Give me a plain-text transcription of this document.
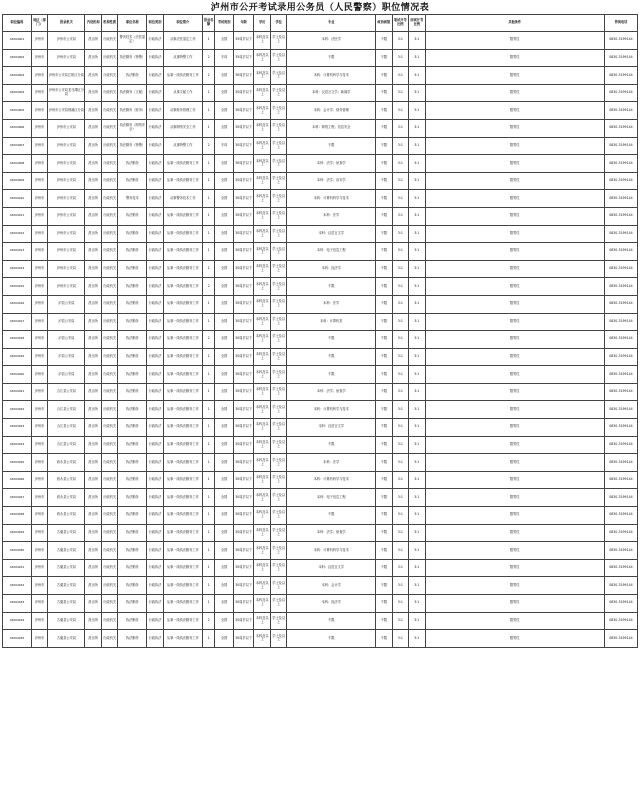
泸州市公开考试录用公务员（人民警察）职位情况表
职位编码	地区（部门）	招录机关	内设机构	机构性质	职位名称	职位类别	职位简介	招录名额	考试类别	年龄	学历	学位	专业	政治面貌	笔试开考比例	面试开考比例	其他条件	咨询电话
43204001	泸州市	泸州市公安局	派出所	行政机关	警务技术（法医鉴定）	行政执法	从事法医鉴定工作	1	全国	35周岁以下	本科及以上	学士及以上	本科：法医学	不限	3:1	3:1	限男性	0830-3199144
43204002	泸州市	泸州市公安局	派出所	行政机关	执法勤务（特警）	行政执法	从事特警工作	2	专项	35周岁以下	本科及以上	学士及以上	不限	不限	3:1	3:1	限男性	0830-3199144
43204003	泸州市	泸州市公安局江阳区分局	派出所	行政机关	执法勤务	行政执法	从事一线执法勤务工作	2	全国	30周岁以下	本科及以上	学士及以上	本科：计算机科学与技术	不限	3:1	3:1	限男性	0830-3199144
43204004	泸州市	泸州市公安局龙马潭区分局	派出所	行政机关	执法勤务（文秘）	行政执法	从事文秘工作	1	全国	30周岁以下	本科及以上	学士及以上	本科：汉语言文学；新闻学	不限	3:1	3:1	限男性	0830-3199144
43204005	泸州市	泸州市公安局纳溪区分局	派出所	行政机关	执法勤务（财务）	行政执法	从事财务管理工作	1	全国	30周岁以下	本科及以上	学士及以上	本科：会计学；财务管理	不限	3:1	3:1	限男性	0830-3199144
43204006	泸州市	泸州市公安局	派出所	行政机关	执法勤务（网络安全）	行政执法	从事网络安全工作	1	全国	30周岁以下	本科及以上	学士及以上	本科：网络工程；信息安全	不限	3:1	3:1	限男性	0830-3199144
43204007	泸州市	泸州市公安局	派出所	行政机关	执法勤务（特警）	行政执法	从事特警工作	2	专项	30周岁以下	本科及以上	学士及以上	不限	不限	3:1	3:1	限男性	0830-3199144
43204008	泸州市	泸州市公安局	派出所	行政机关	执法勤务	行政执法	从事一线执法勤务工作	1	全国	30周岁以下	本科及以上	学士及以上	本科：法学；侦查学	不限	3:1	3:1	限男性	0830-3199144
43204009	泸州市	泸州市公安局	派出所	行政机关	执法勤务	行政执法	从事一线执法勤务工作	1	全国	30周岁以下	本科及以上	学士及以上	本科：法学；治安学	不限	3:1	3:1	限男性	0830-3199144
43204010	泸州市	泸州市公安局	派出所	行政机关	警务技术	行政执法	从事警务技术工作	1	全国	30周岁以下	本科及以上	学士及以上	本科：计算机科学与技术	不限	3:1	3:1	限男性	0830-3199144
43204011	泸州市	泸州市公安局	派出所	行政机关	执法勤务	行政执法	从事一线执法勤务工作	1	全国	30周岁以下	本科及以上	学士及以上	本科：法学	不限	3:1	3:1	限男性	0830-3199144
43204012	泸州市	泸州市公安局	派出所	行政机关	执法勤务	行政执法	从事一线执法勤务工作	1	全国	30周岁以下	本科及以上	学士及以上	本科：汉语言文学	不限	3:1	3:1	限男性	0830-3199144
43204013	泸州市	泸州市公安局	派出所	行政机关	执法勤务	行政执法	从事一线执法勤务工作	1	全国	30周岁以下	本科及以上	学士及以上	本科：电子信息工程	不限	3:1	3:1	限男性	0830-3199144
43204014	泸州市	泸州市公安局	派出所	行政机关	执法勤务	行政执法	从事一线执法勤务工作	1	全国	30周岁以下	本科及以上	学士及以上	本科：经济学	不限	3:1	3:1	限男性	0830-3199144
43204015	泸州市	泸州市公安局	派出所	行政机关	执法勤务	行政执法	从事一线执法勤务工作	2	全国	30周岁以下	本科及以上	学士及以上	不限	不限	3:1	3:1	限男性	0830-3199144
43204016	泸州市	泸县公安局	派出所	行政机关	执法勤务	行政执法	从事一线执法勤务工作	1	全国	30周岁以下	本科及以上	学士及以上	本科：法学	不限	3:1	3:1	限男性	0830-3199144
43204017	泸州市	泸县公安局	派出所	行政机关	执法勤务	行政执法	从事一线执法勤务工作	1	全国	30周岁以下	本科及以上	学士及以上	本科：计算机类	不限	3:1	3:1	限男性	0830-3199144
43204018	泸州市	泸县公安局	派出所	行政机关	执法勤务	行政执法	从事一线执法勤务工作	2	全国	30周岁以下	本科及以上	学士及以上	不限	不限	3:1	3:1	限男性	0830-3199144
43204019	泸州市	泸县公安局	派出所	行政机关	执法勤务	行政执法	从事一线执法勤务工作	1	全国	30周岁以下	本科及以上	学士及以上	不限	不限	3:1	3:1	限男性	0830-3199144
43204020	泸州市	泸县公安局	派出所	行政机关	执法勤务	行政执法	从事一线执法勤务工作	1	全国	30周岁以下	本科及以上	学士及以上	不限	不限	3:1	3:1	限男性	0830-3199144
43204021	泸州市	合江县公安局	派出所	行政机关	执法勤务	行政执法	从事一线执法勤务工作	1	全国	30周岁以下	本科及以上	学士及以上	本科：法学；侦查学	不限	3:1	3:1	限男性	0830-3199144
43204022	泸州市	合江县公安局	派出所	行政机关	执法勤务	行政执法	从事一线执法勤务工作	1	全国	30周岁以下	本科及以上	学士及以上	本科：计算机科学与技术	不限	3:1	3:1	限男性	0830-3199144
43204023	泸州市	合江县公安局	派出所	行政机关	执法勤务	行政执法	从事一线执法勤务工作	1	全国	30周岁以下	本科及以上	学士及以上	本科：汉语言文学	不限	3:1	3:1	限男性	0830-3199144
43204024	泸州市	合江县公安局	派出所	行政机关	执法勤务	行政执法	从事一线执法勤务工作	1	全国	30周岁以下	本科及以上	学士及以上	不限	不限	3:1	3:1	限男性	0830-3199144
43204025	泸州市	叙永县公安局	派出所	行政机关	执法勤务	行政执法	从事一线执法勤务工作	1	全国	30周岁以下	本科及以上	学士及以上	本科：法学	不限	3:1	3:1	限男性	0830-3199144
43204026	泸州市	叙永县公安局	派出所	行政机关	执法勤务	行政执法	从事一线执法勤务工作	1	全国	30周岁以下	本科及以上	学士及以上	本科：计算机科学与技术	不限	3:1	3:1	限男性	0830-3199144
43204027	泸州市	叙永县公安局	派出所	行政机关	执法勤务	行政执法	从事一线执法勤务工作	1	全国	30周岁以下	本科及以上	学士及以上	本科：电子信息工程	不限	3:1	3:1	限男性	0830-3199144
43204028	泸州市	叙永县公安局	派出所	行政机关	执法勤务	行政执法	从事一线执法勤务工作	1	全国	30周岁以下	本科及以上	学士及以上	不限	不限	3:1	3:1	限男性	0830-3199144
43204029	泸州市	古蔺县公安局	派出所	行政机关	执法勤务	行政执法	从事一线执法勤务工作	1	全国	30周岁以下	本科及以上	学士及以上	本科：法学；侦查学	不限	3:1	3:1	限男性	0830-3199144
43204030	泸州市	古蔺县公安局	派出所	行政机关	执法勤务	行政执法	从事一线执法勤务工作	1	全国	30周岁以下	本科及以上	学士及以上	本科：计算机科学与技术	不限	3:1	3:1	限男性	0830-3199144
43204031	泸州市	古蔺县公安局	派出所	行政机关	执法勤务	行政执法	从事一线执法勤务工作	1	全国	30周岁以下	本科及以上	学士及以上	本科：汉语言文学	不限	3:1	3:1	限男性	0830-3199144
43204032	泸州市	古蔺县公安局	派出所	行政机关	执法勤务	行政执法	从事一线执法勤务工作	1	全国	30周岁以下	本科及以上	学士及以上	本科：会计学	不限	3:1	3:1	限男性	0830-3199144
43204033	泸州市	古蔺县公安局	派出所	行政机关	执法勤务	行政执法	从事一线执法勤务工作	1	全国	30周岁以下	本科及以上	学士及以上	本科：经济学	不限	3:1	3:1	限男性	0830-3199144
43204034	泸州市	古蔺县公安局	派出所	行政机关	执法勤务	行政执法	从事一线执法勤务工作	2	全国	30周岁以下	本科及以上	学士及以上	不限	不限	3:1	3:1	限男性	0830-3199144
43204035	泸州市	古蔺县公安局	派出所	行政机关	执法勤务	行政执法	从事一线执法勤务工作	1	全国	30周岁以下	本科及以上	学士及以上	不限	不限	3:1	3:1	限男性	0830-3199144
